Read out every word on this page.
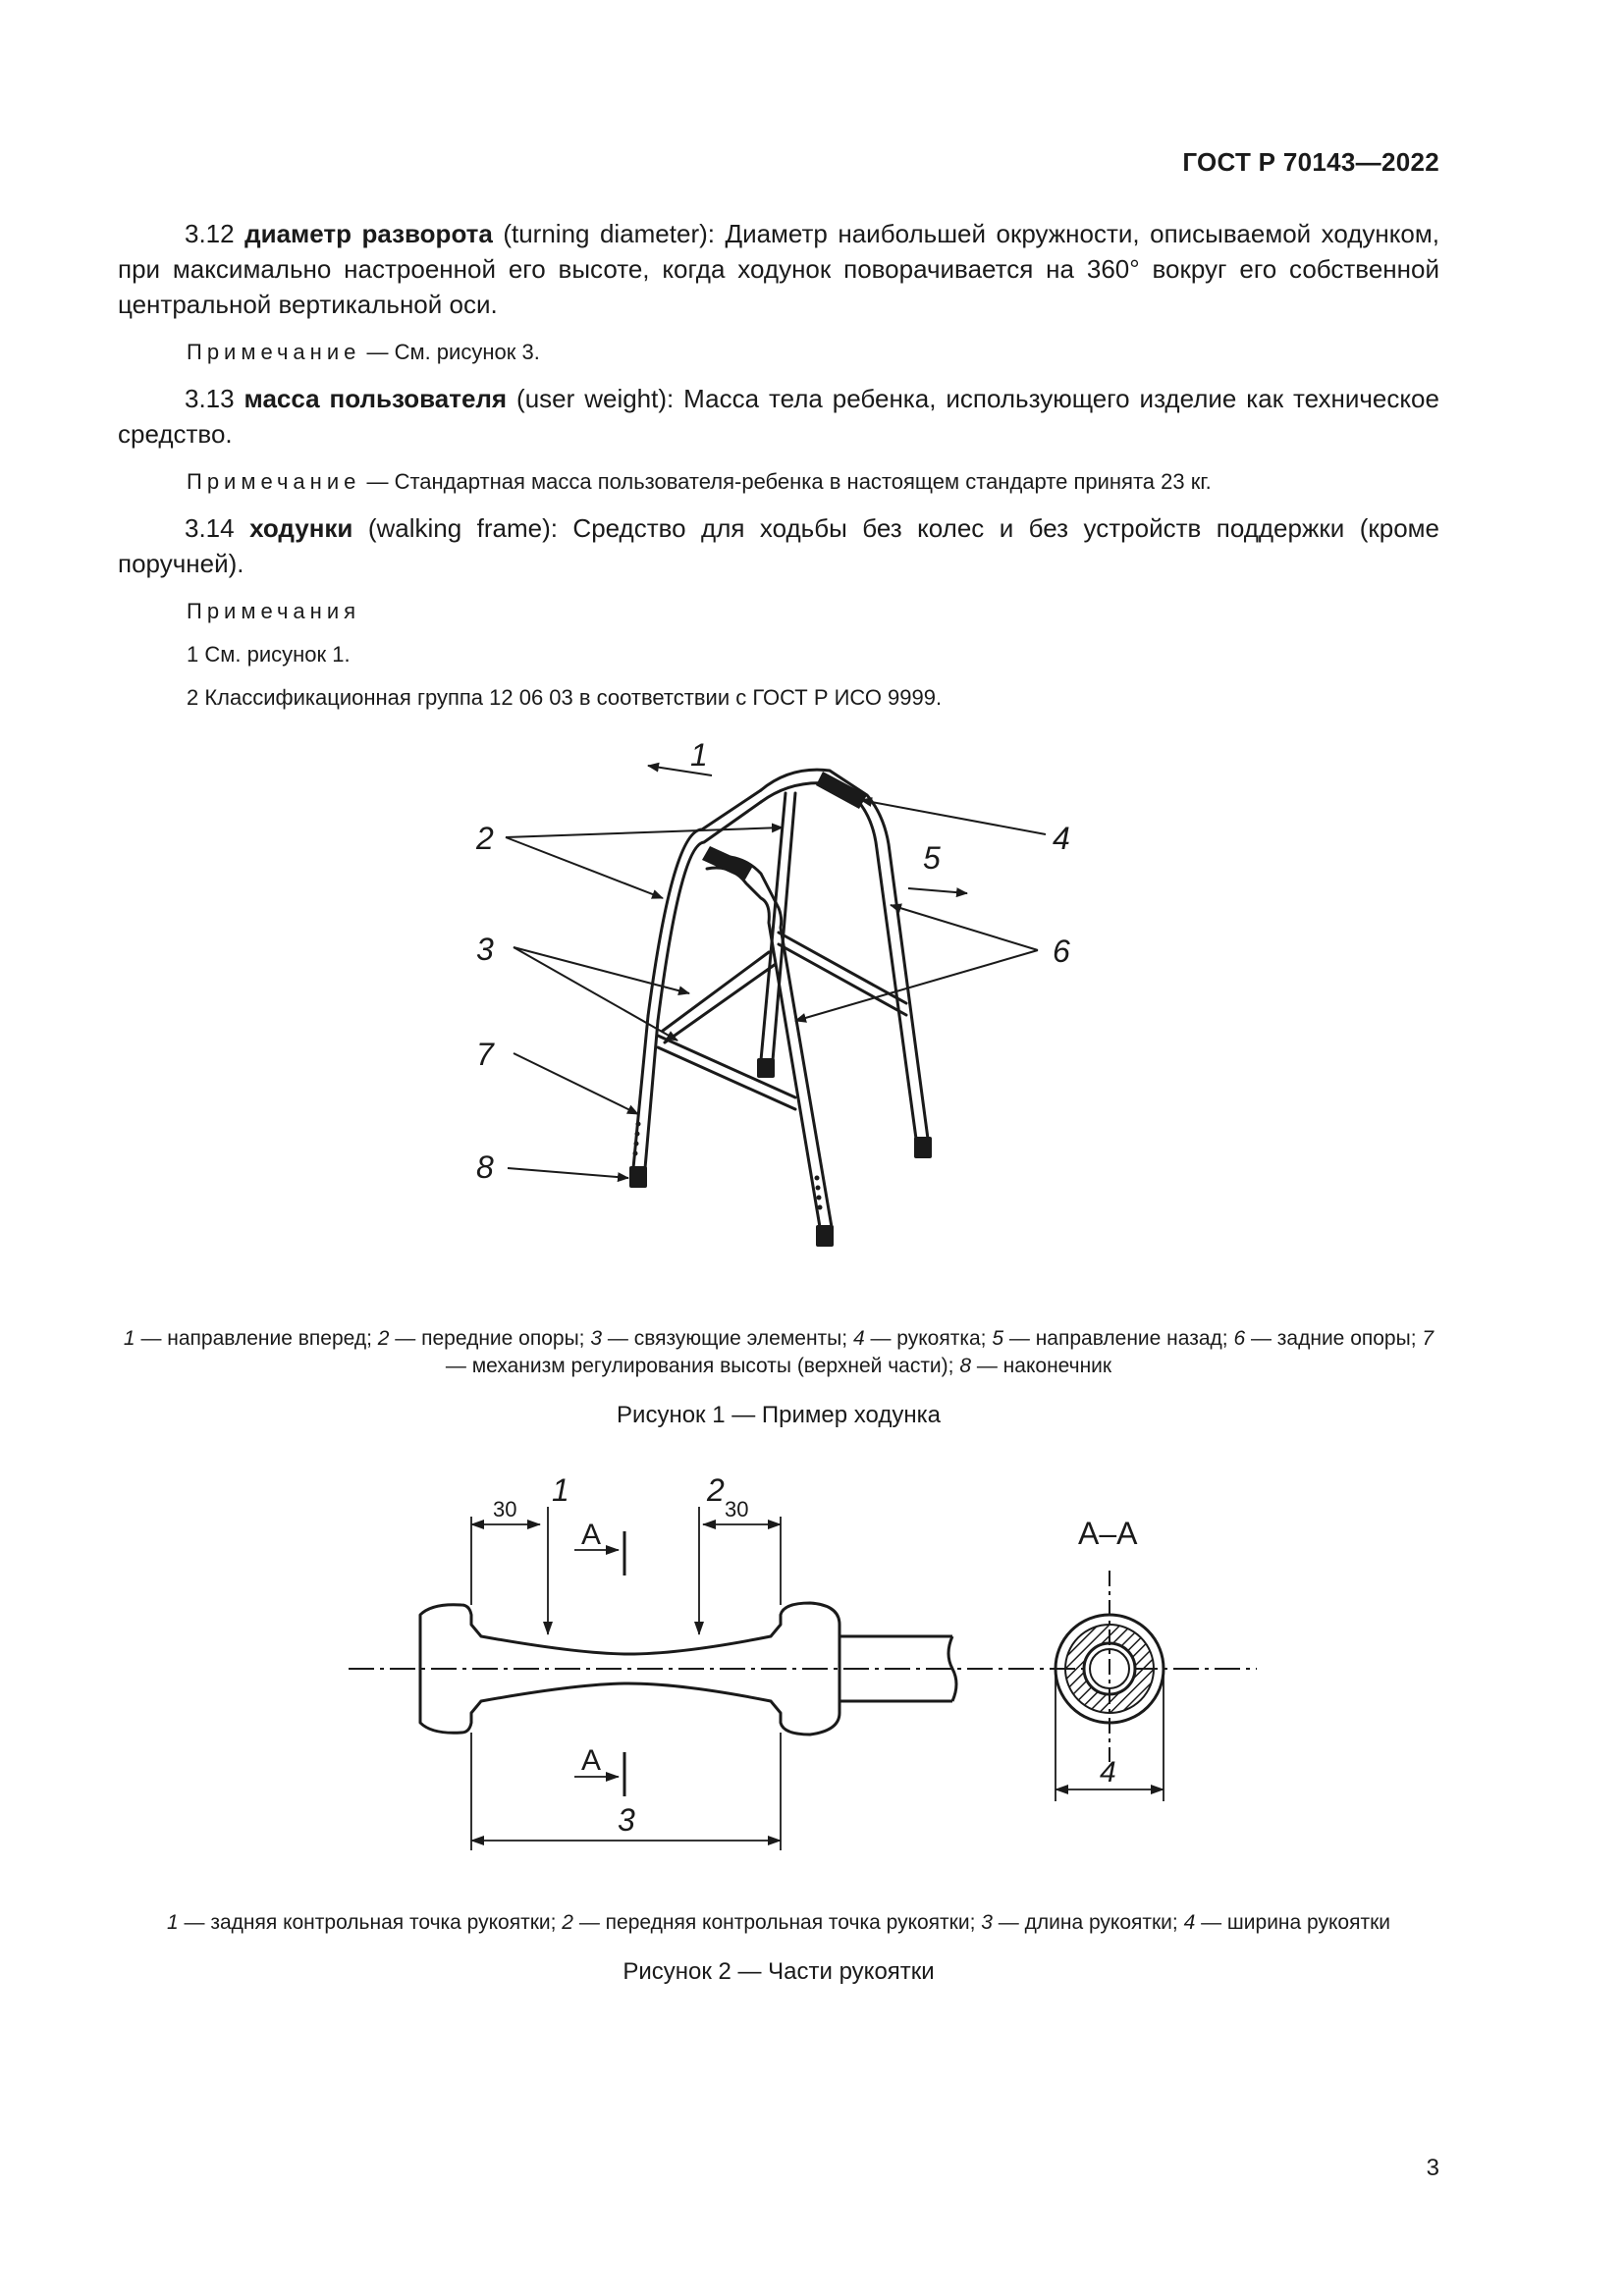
ГОСТ Р 70143—2022

3.12 диаметр разворота (turning diameter): Диаметр наибольшей окружности, описываемой ходунком, при максимально настроенной его высоте, когда ходунок поворачивается на 360° вокруг его собственной центральной вертикальной оси.

Примечание — См. рисунок 3.

3.13 масса пользователя (user weight): Масса тела ребенка, использующего изделие как техническое средство.

Примечание — Стандартная масса пользователя-ребенка в настоящем стандарте принята 23 кг.

3.14 ходунки (walking frame): Средство для ходьбы без колес и без устройств поддержки (кроме поручней).

Примечания

1 См. рисунок 1.

2 Классификационная группа 12 06 03 в соответствии с ГОСТ Р ИСО 9999.

1
2
3
4
5
6
7
8
1 — направление вперед; 2 — передние опоры; 3 — связующие элементы; 4 — рукоятка; 5 — направление назад; 6 — задние опоры; 7 — механизм регулирования высоты (верхней части); 8 — наконечник
Рисунок 1 — Пример ходунка
30	30
1	2
3
4
А
А
А–А
1 — задняя контрольная точка рукоятки; 2 — передняя контрольная точка рукоятки; 3 — длина рукоятки; 4 — ширина рукоятки
Рисунок 2 — Части рукоятки
3
